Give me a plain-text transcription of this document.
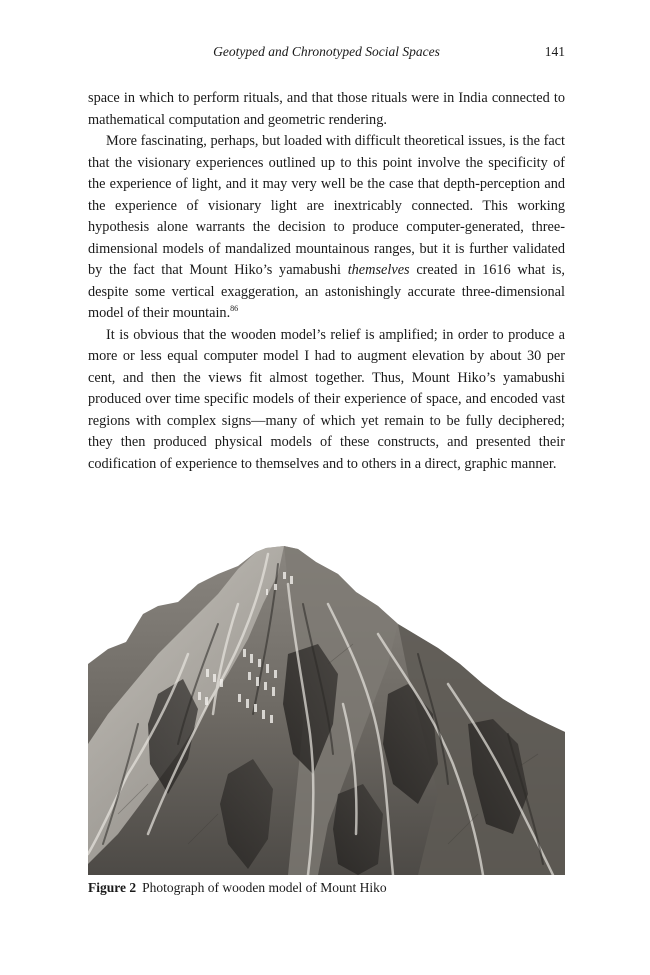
Geotyped and Chronotyped Social Spaces	141

space in which to perform rituals, and that those rituals were in India connected to mathematical computation and geometric rendering.

More fascinating, perhaps, but loaded with difficult theoretical issues, is the fact that the visionary experiences outlined up to this point involve the specificity of the experience of light, and it may very well be the case that depth-perception and the experience of visionary light are inextricably connected. This working hypothesis alone warrants the decision to produce computer-generated, three-dimensional models of mandalized mountainous ranges, but it is further validated by the fact that Mount Hiko’s yamabushi themselves created in 1616 what is, despite some vertical exaggeration, an astonishingly accurate three-dimensional model of their mountain.$^{86}$

It is obvious that the wooden model’s relief is amplified; in order to produce a more or less equal computer model I had to augment elevation by about 30 per cent, and then the views fit almost together. Thus, Mount Hiko’s yamabushi produced over time specific models of their experience of space, and encoded vast regions with complex signs—many of which yet remain to be fully deciphered; they then produced physical models of these constructs, and presented their codification of experience to themselves and to others in a direct, graphic manner.

Figure 2 Photograph of wooden model of Mount Hiko
